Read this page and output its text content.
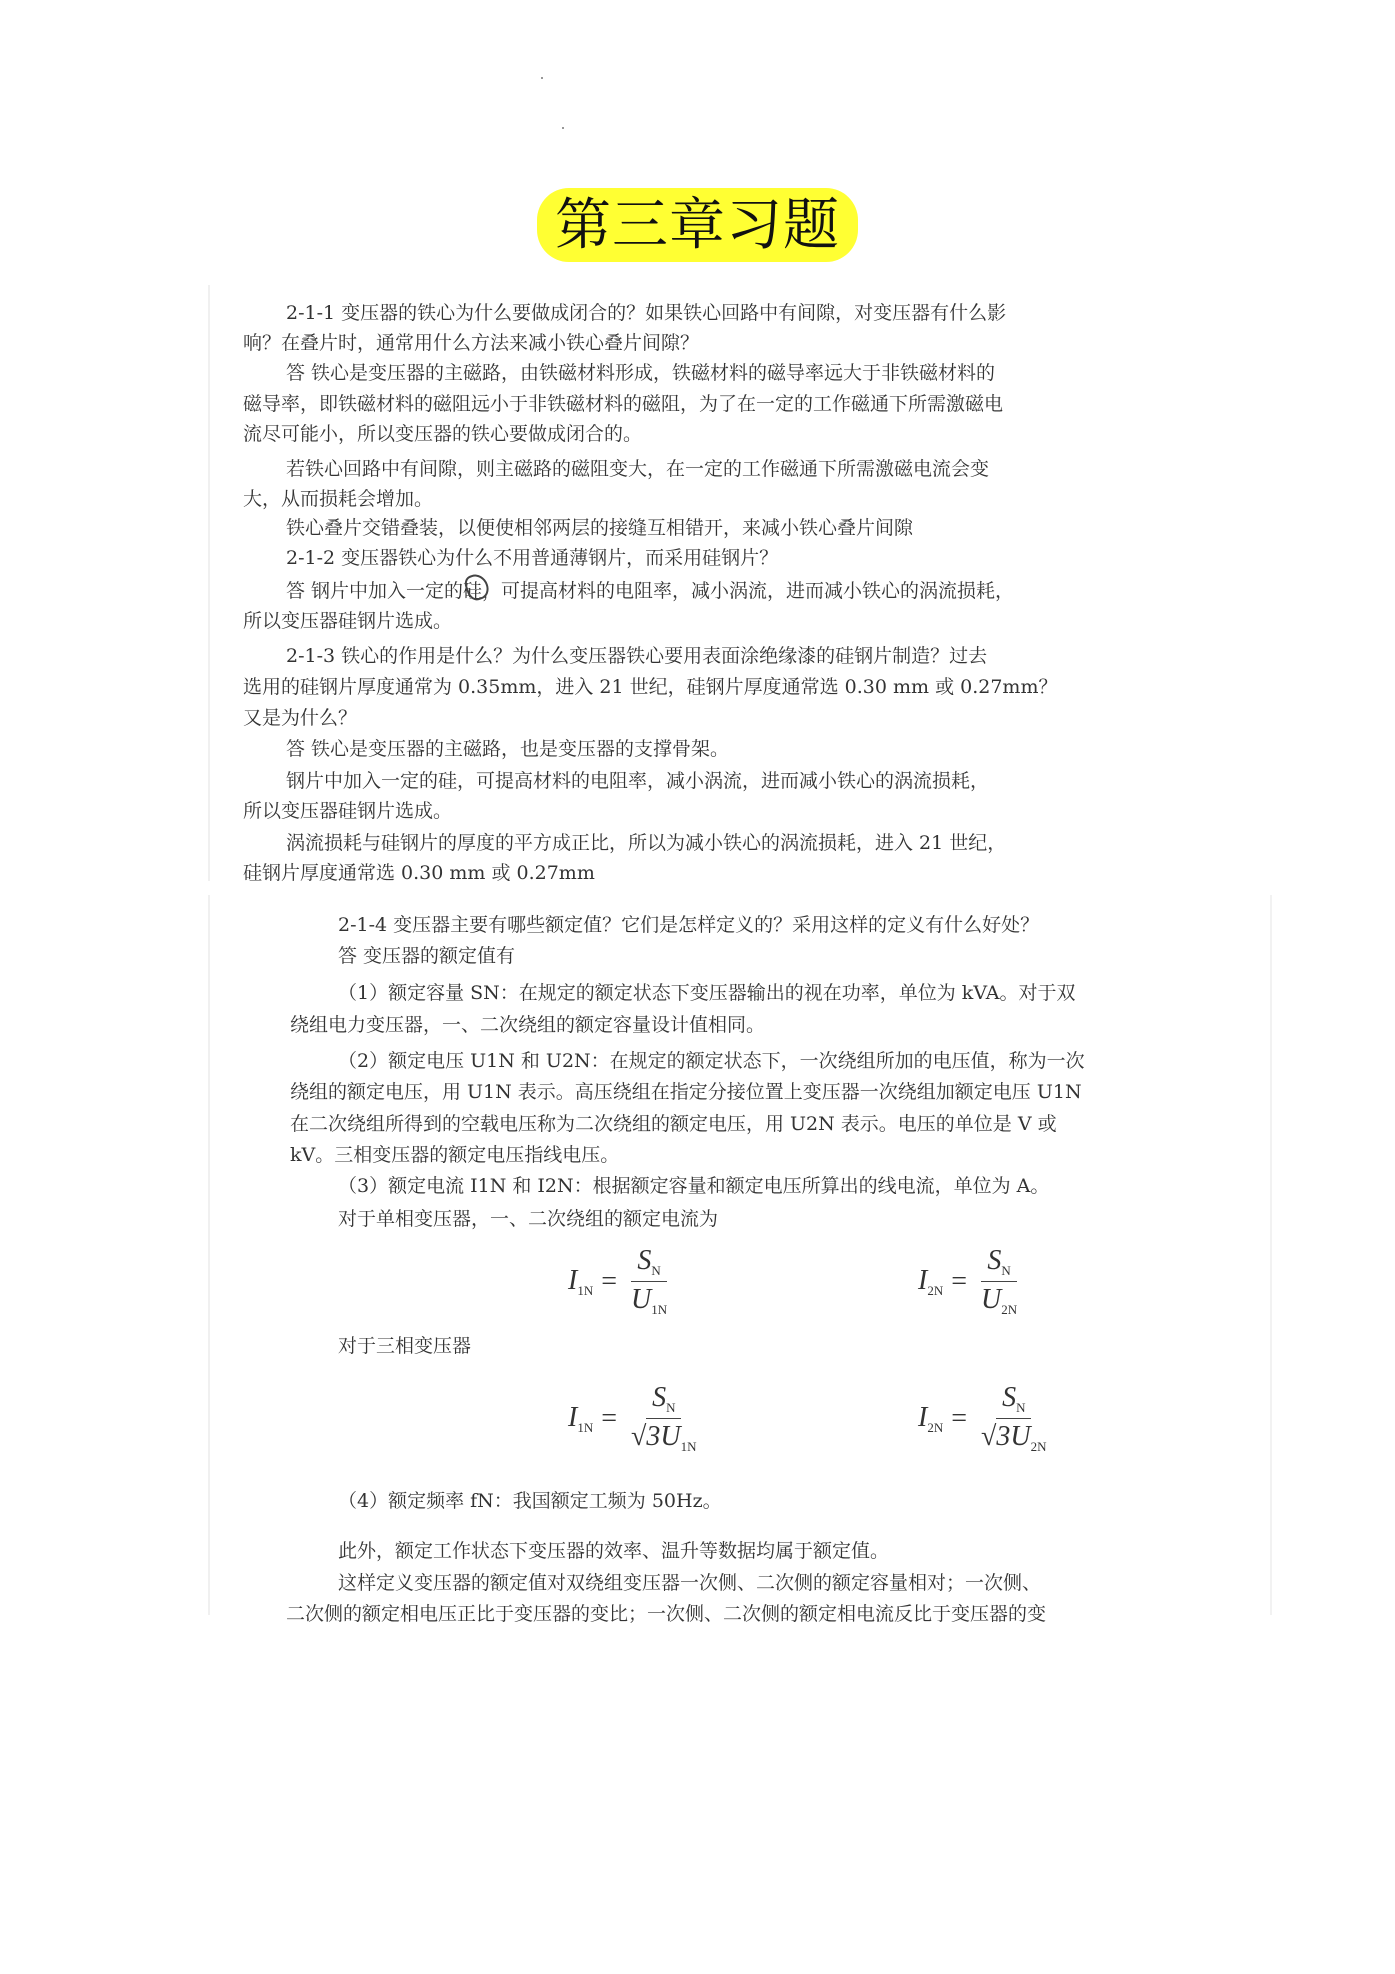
第三章习题
2-1-1 变压器的铁心为什么要做成闭合的？如果铁心回路中有间隙，对变压器有什么影
响？在叠片时，通常用什么方法来减小铁心叠片间隙？
答 铁心是变压器的主磁路，由铁磁材料形成，铁磁材料的磁导率远大于非铁磁材料的
磁导率，即铁磁材料的磁阻远小于非铁磁材料的磁阻，为了在一定的工作磁通下所需激磁电
流尽可能小，所以变压器的铁心要做成闭合的。
若铁心回路中有间隙，则主磁路的磁阻变大，在一定的工作磁通下所需激磁电流会变
大，从而损耗会增加。
铁心叠片交错叠装，以便使相邻两层的接缝互相错开，来减小铁心叠片间隙
2-1-2 变压器铁心为什么不用普通薄钢片，而采用硅钢片？
答 钢片中加入一定的硅，可提高材料的电阻率，减小涡流，进而减小铁心的涡流损耗，
所以变压器硅钢片选成。
2-1-3 铁心的作用是什么？为什么变压器铁心要用表面涂绝缘漆的硅钢片制造？过去
选用的硅钢片厚度通常为 0.35mm，进入 21 世纪，硅钢片厚度通常选 0.30 mm 或 0.27mm？
又是为什么？
答 铁心是变压器的主磁路，也是变压器的支撑骨架。
钢片中加入一定的硅，可提高材料的电阻率，减小涡流，进而减小铁心的涡流损耗，
所以变压器硅钢片选成。
涡流损耗与硅钢片的厚度的平方成正比，所以为减小铁心的涡流损耗，进入 21 世纪，
硅钢片厚度通常选 0.30 mm 或 0.27mm
2-1-4 变压器主要有哪些额定值？它们是怎样定义的？采用这样的定义有什么好处？
答 变压器的额定值有
（1）额定容量 SN：在规定的额定状态下变压器输出的视在功率，单位为 kVA。对于双
绕组电力变压器，一、二次绕组的额定容量设计值相同。
（2）额定电压 U1N 和 U2N：在规定的额定状态下，一次绕组所加的电压值，称为一次
绕组的额定电压，用 U1N 表示。高压绕组在指定分接位置上变压器一次绕组加额定电压 U1N
在二次绕组所得到的空载电压称为二次绕组的额定电压，用 U2N 表示。电压的单位是 V 或
kV。三相变压器的额定电压指线电压。
（3）额定电流 I1N 和 I2N：根据额定容量和额定电压所算出的线电流，单位为 A。
对于单相变压器，一、二次绕组的额定电流为
$I_{1N} = \frac{S_N}{U_{1N}}$	$I_{2N} = \frac{S_N}{U_{2N}}$
对于三相变压器
$I_{1N} = \frac{S_N}{√3U_{1N}}$	$I_{2N} = \frac{S_N}{√3U_{2N}}$
（4）额定频率 fN：我国额定工频为 50Hz。
此外，额定工作状态下变压器的效率、温升等数据均属于额定值。
这样定义变压器的额定值对双绕组变压器一次侧、二次侧的额定容量相对；一次侧、
二次侧的额定相电压正比于变压器的变比；一次侧、二次侧的额定相电流反比于变压器的变
